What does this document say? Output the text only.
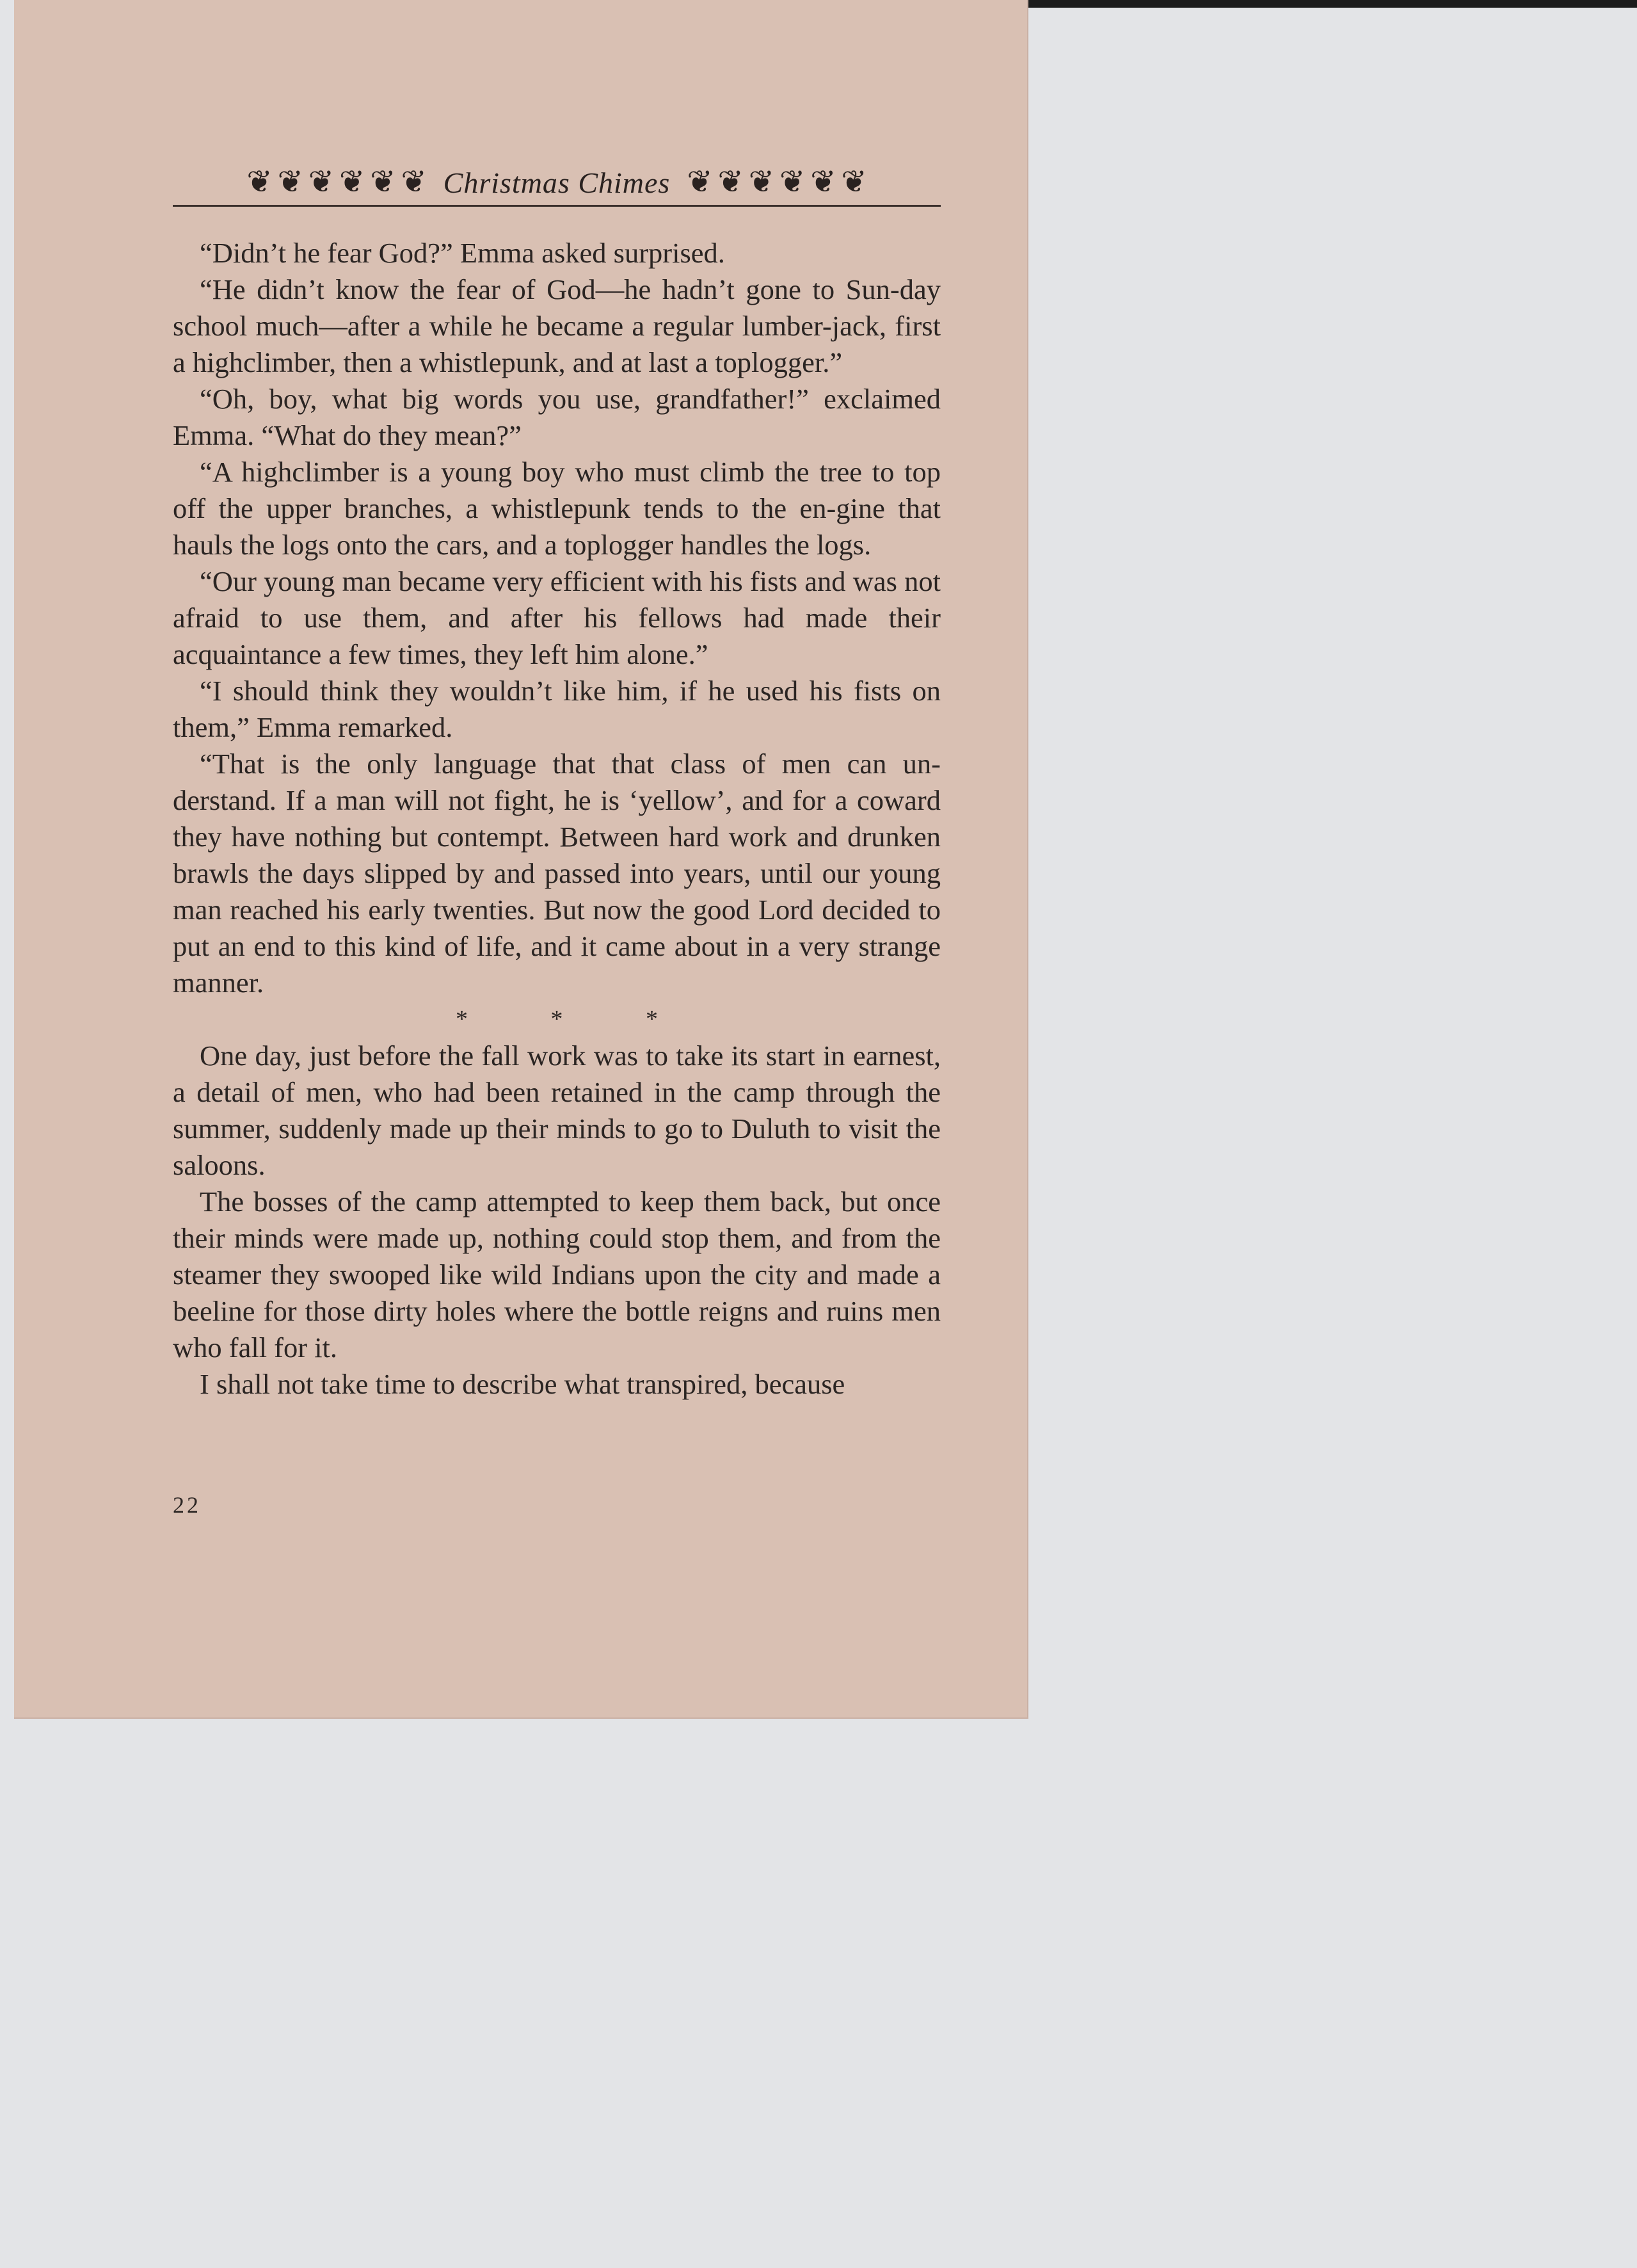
❦ ❦ ❦ ❦ ❦ ❦ Christmas Chimes ❦ ❦ ❦ ❦ ❦ ❦

“Didn’t he fear God?” Emma asked surprised.

“He didn’t know the fear of God—he hadn’t gone to Sun-day school much—after a while he became a regular lumber-jack, first a highclimber, then a whistlepunk, and at last a toplogger.”

“Oh, boy, what big words you use, grandfather!” exclaimed Emma. “What do they mean?”

“A highclimber is a young boy who must climb the tree to top off the upper branches, a whistlepunk tends to the en-gine that hauls the logs onto the cars, and a toplogger handles the logs.

“Our young man became very efficient with his fists and was not afraid to use them, and after his fellows had made their acquaintance a few times, they left him alone.”

“I should think they wouldn’t like him, if he used his fists on them,” Emma remarked.

“That is the only language that that class of men can un-derstand. If a man will not fight, he is ‘yellow’, and for a coward they have nothing but contempt. Between hard work and drunken brawls the days slipped by and passed into years, until our young man reached his early twenties. But now the good Lord decided to put an end to this kind of life, and it came about in a very strange manner.

* * *

One day, just before the fall work was to take its start in earnest, a detail of men, who had been retained in the camp through the summer, suddenly made up their minds to go to Duluth to visit the saloons.

The bosses of the camp attempted to keep them back, but once their minds were made up, nothing could stop them, and from the steamer they swooped like wild Indians upon the city and made a beeline for those dirty holes where the bottle reigns and ruins men who fall for it.

I shall not take time to describe what transpired, because

22
